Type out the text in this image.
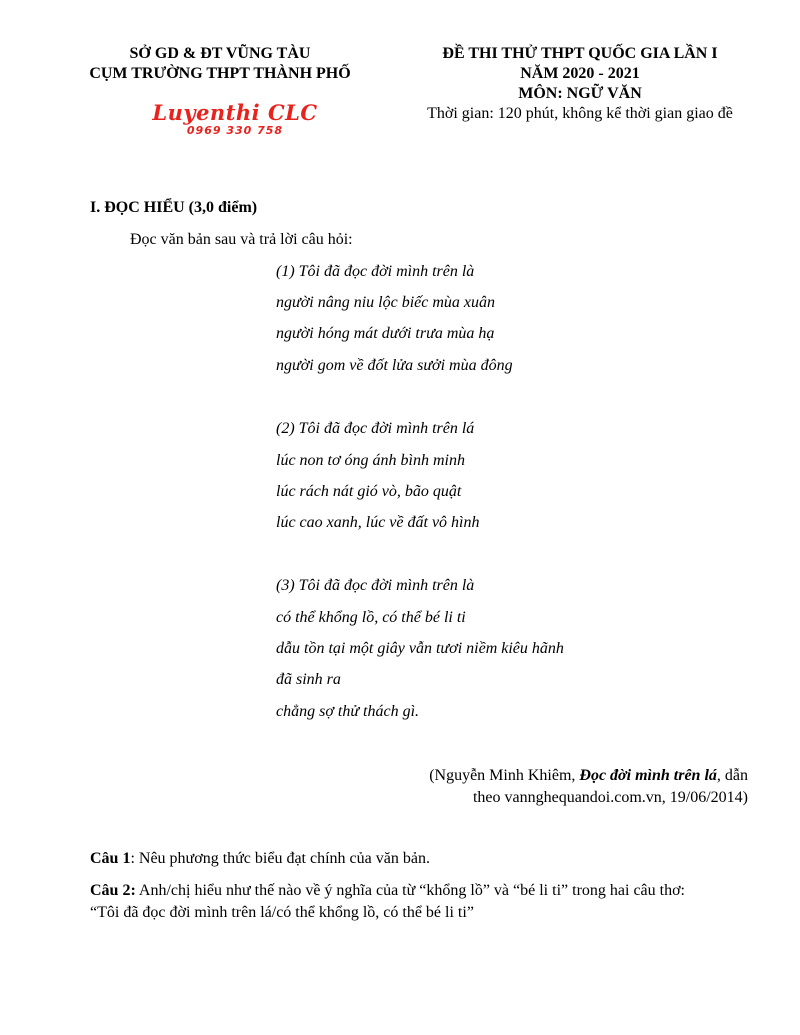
SỞ GD & ĐT VŨNG TÀU
CỤM TRƯỜNG THPT THÀNH PHỐ
Luyenthi CLC
0969 330 758
ĐỀ THI THỬ THPT QUỐC GIA LẦN I
NĂM 2020 - 2021
MÔN: NGỮ VĂN
Thời gian: 120 phút, không kể thời gian giao đề
I. ĐỌC HIỂU (3,0 điểm)
Đọc văn bản sau và trả lời câu hỏi:
(1) Tôi đã đọc đời mình trên là
người nâng niu lộc biếc mùa xuân
người hóng mát dưới trưa mùa hạ
người gom về đốt lửa sưởi mùa đông
(2) Tôi đã đọc đời mình trên lá
lúc non tơ óng ánh bình minh
lúc rách nát gió vò, bão quật
lúc cao xanh, lúc về đất vô hình
(3) Tôi đã đọc đời mình trên là
có thể khổng lồ, có thể bé li ti
dẫu tồn tại một giây vẫn tươi niềm kiêu hãnh
đã sinh ra
chẳng sợ thử thách gì.
(Nguyễn Minh Khiêm, Đọc đời mình trên lá, dẫn
theo vannghequandoi.com.vn, 19/06/2014)
Câu 1: Nêu phương thức biểu đạt chính của văn bản.
Câu 2: Anh/chị hiểu như thế nào về ý nghĩa của từ “khổng lồ” và “bé li ti” trong hai câu thơ:
“Tôi đã đọc đời mình trên lá/có thể khổng lồ, có thể bé li ti”
